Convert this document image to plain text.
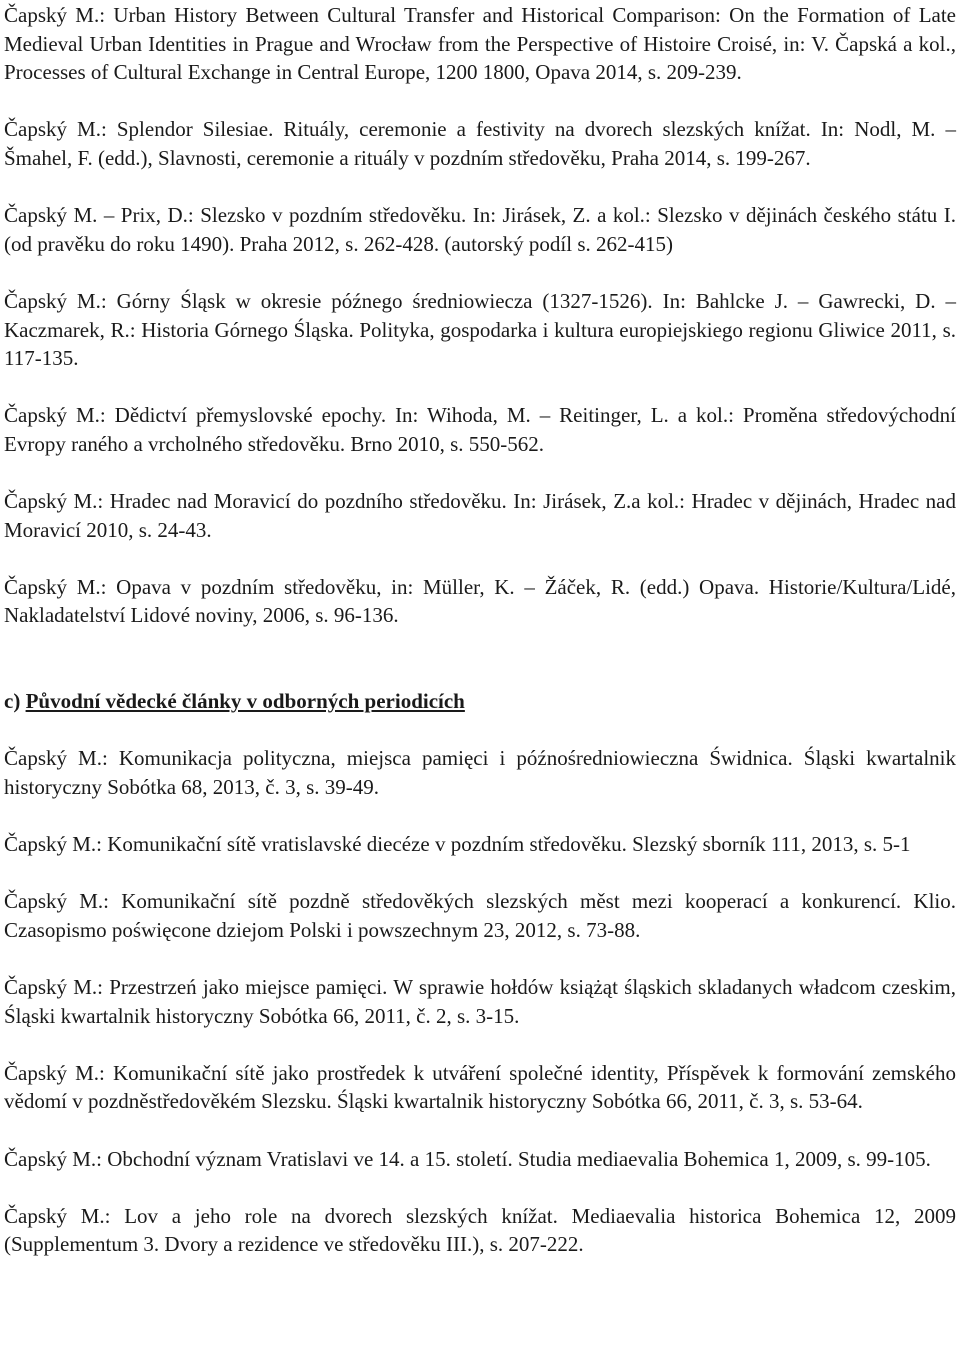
Čapský M.: Urban History Between Cultural Transfer and Historical Comparison: On the Formation of Late Medieval Urban Identities in Prague and Wrocław from the Perspective of Histoire Croisé, in: V. Čapská a kol., Processes of Cultural Exchange in Central Europe, 1200 1800, Opava 2014, s. 209-239.

Čapský M.: Splendor Silesiae. Rituály, ceremonie a festivity na dvorech slezských knížat. In: Nodl, M. – Šmahel, F. (edd.), Slavnosti, ceremonie a rituály v pozdním středověku, Praha 2014, s. 199-267.

Čapský M. – Prix, D.: Slezsko v pozdním středověku. In: Jirásek, Z. a kol.: Slezsko v dějinách českého státu I. (od pravěku do roku 1490). Praha 2012, s. 262-428. (autorský podíl s. 262-415)

Čapský M.: Górny Śląsk w okresie późnego średniowiecza (1327-1526). In: Bahlcke J. – Gawrecki, D. – Kaczmarek, R.: Historia Górnego Śląska. Polityka, gospodarka i kultura europiejskiego regionu Gliwice 2011, s. 117-135.

Čapský M.: Dědictví přemyslovské epochy. In: Wihoda, M. – Reitinger, L. a kol.: Proměna středovýchodní Evropy raného a vrcholného středověku. Brno 2010, s. 550-562.

Čapský M.: Hradec nad Moravicí do pozdního středověku. In: Jirásek, Z.a kol.: Hradec v dějinách, Hradec nad Moravicí 2010, s. 24-43.

Čapský M.: Opava v pozdním středověku, in: Müller, K. – Žáček, R. (edd.) Opava. Historie/Kultura/Lidé, Nakladatelství Lidové noviny, 2006, s. 96-136.

c) Původní vědecké články v odborných periodicích

Čapský M.: Komunikacja polityczna, miejsca pamięci i późnośredniowieczna Świdnica. Śląski kwartalnik historyczny Sobótka 68, 2013, č. 3, s. 39-49.

Čapský M.: Komunikační sítě vratislavské diecéze v pozdním středověku. Slezský sborník 111, 2013, s. 5-1

Čapský M.: Komunikační sítě pozdně středověkých slezských měst mezi kooperací a konkurencí. Klio. Czasopismo poświęcone dziejom Polski i powszechnym 23, 2012, s. 73-88.

Čapský M.: Przestrzeń jako miejsce pamięci. W sprawie hołdów książąt śląskich skladanych władcom czeskim, Śląski kwartalnik historyczny Sobótka 66, 2011, č. 2, s. 3-15.

Čapský M.: Komunikační sítě jako prostředek k utváření společné identity, Příspěvek k formování zemského vědomí v pozdněstředověkém Slezsku. Śląski kwartalnik historyczny Sobótka 66, 2011, č. 3, s. 53-64.

Čapský M.: Obchodní význam Vratislavi ve 14. a 15. století. Studia mediaevalia Bohemica 1, 2009, s. 99-105.

Čapský M.: Lov a jeho role na dvorech slezských knížat. Mediaevalia historica Bohemica 12, 2009 (Supplementum 3. Dvory a rezidence ve středověku III.), s. 207-222.
